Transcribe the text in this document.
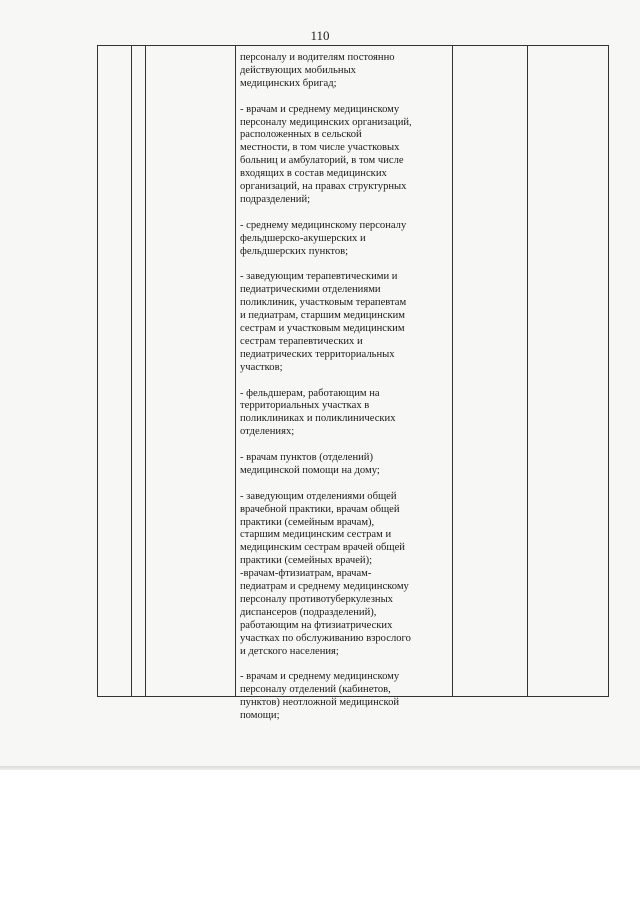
110

персоналу и водителям постоянно
действующих мобильных
медицинских бригад;

- врачам и среднему медицинскому
персоналу медицинских организаций,
расположенных в сельской
местности, в том числе участковых
больниц и амбулаторий, в том числе
входящих в состав медицинских
организаций, на правах структурных
подразделений;

- среднему медицинскому персоналу
фельдшерско-акушерских и
фельдшерских пунктов;

- заведующим терапевтическими и
педиатрическими отделениями
поликлиник, участковым терапевтам
и педиатрам, старшим медицинским
сестрам и участковым медицинским
сестрам терапевтических и
педиатрических территориальных
участков;

- фельдшерам, работающим на
территориальных участках в
поликлиниках и поликлинических
отделениях;

- врачам пунктов (отделений)
медицинской помощи на дому;

- заведующим отделениями общей
врачебной практики, врачам общей
практики (семейным врачам),
старшим медицинским сестрам и
медицинским сестрам врачей общей
практики (семейных врачей);

-врачам-фтизиатрам, врачам-
педиатрам и среднему медицинскому
персоналу противотуберкулезных
диспансеров (подразделений),
работающим на фтизиатрических
участках по обслуживанию взрослого
и детского населения;

- врачам и среднему медицинскому
персоналу отделений (кабинетов,
пунктов) неотложной медицинской
помощи;
